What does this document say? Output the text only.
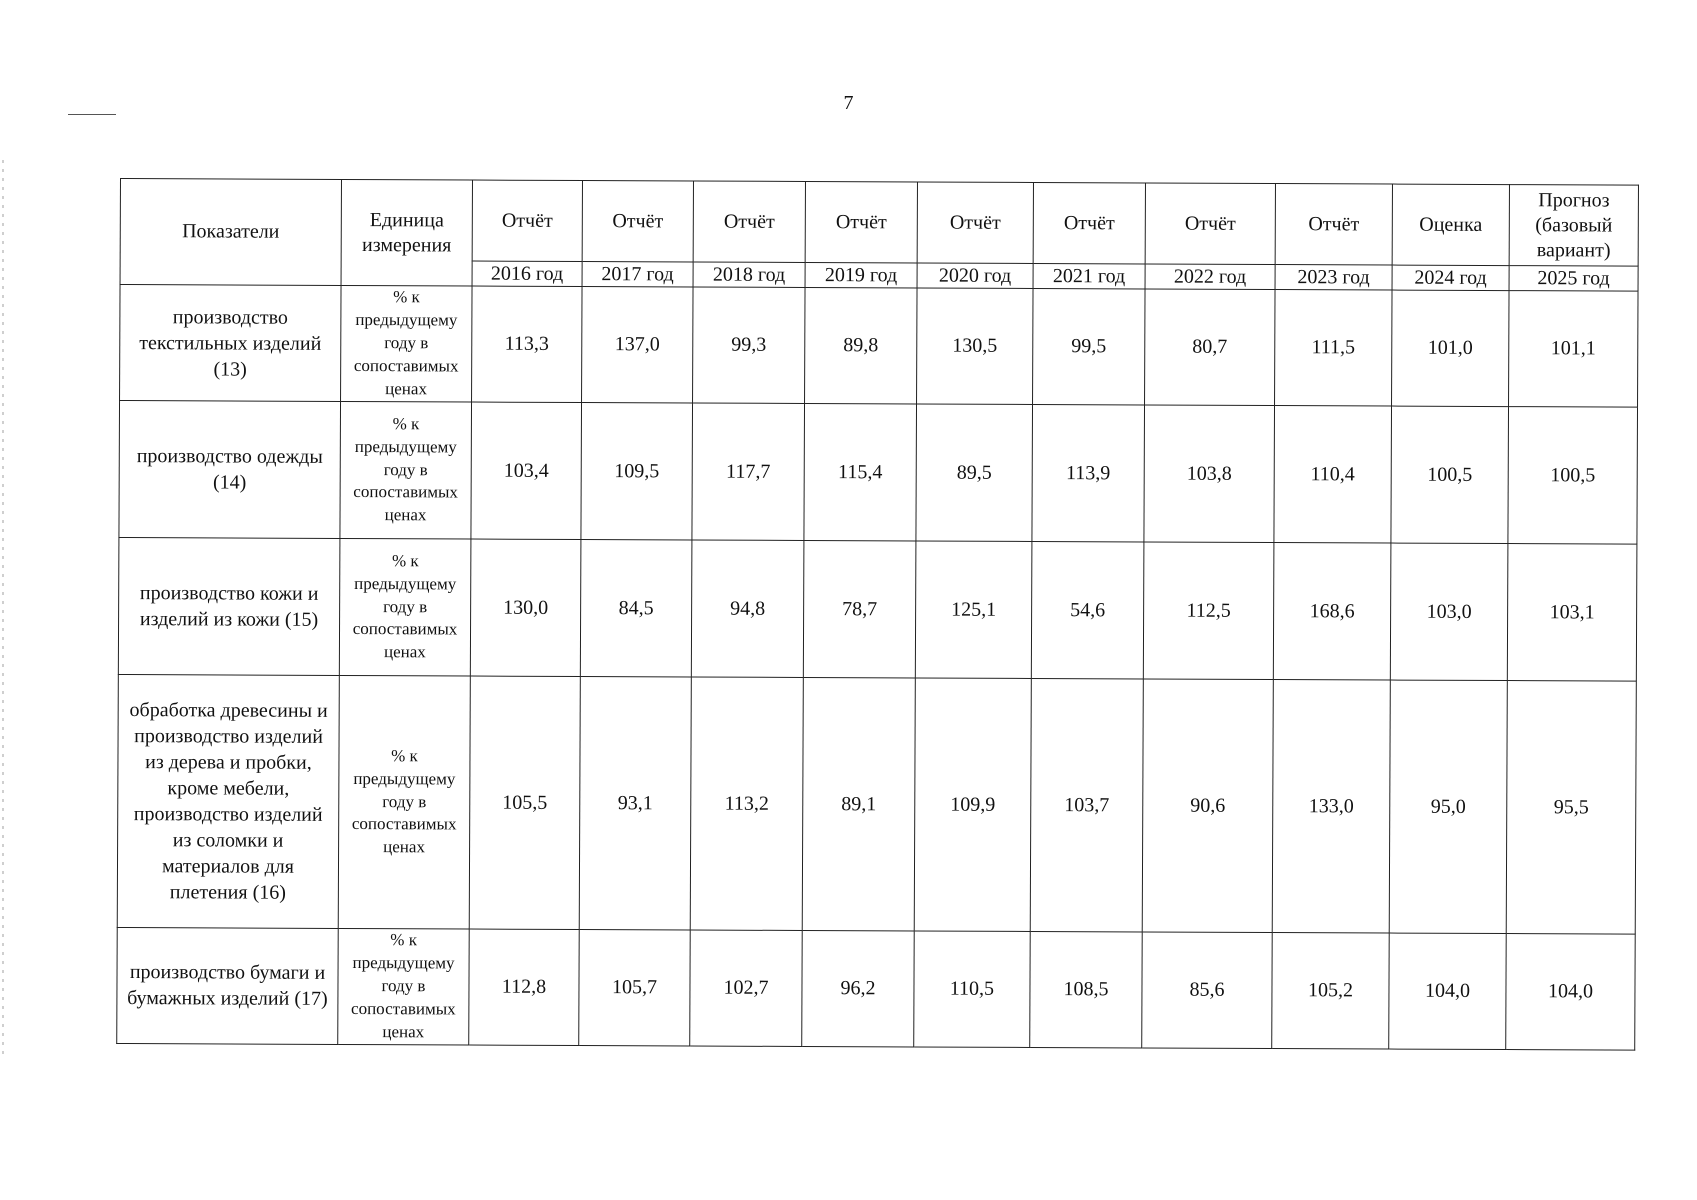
7
Показатели	Единица измерения	Отчёт	Отчёт	Отчёт	Отчёт	Отчёт	Отчёт	Отчёт	Отчёт	Оценка	Прогноз (базовый вариант)
		2016 год	2017 год	2018 год	2019 год	2020 год	2021 год	2022 год	2023 год	2024 год	2025 год
производство текстильных изделий (13)	% к предыдущему году в сопоставимых ценах	113,3	137,0	99,3	89,8	130,5	99,5	80,7	111,5	101,0	101,1
производство одежды (14)	% к предыдущему году в сопоставимых ценах	103,4	109,5	117,7	115,4	89,5	113,9	103,8	110,4	100,5	100,5
производство кожи и изделий из кожи (15)	% к предыдущему году в сопоставимых ценах	130,0	84,5	94,8	78,7	125,1	54,6	112,5	168,6	103,0	103,1
обработка древесины и производство изделий из дерева и пробки, кроме мебели, производство изделий из соломки и материалов для плетения (16)	% к предыдущему году в сопоставимых ценах	105,5	93,1	113,2	89,1	109,9	103,7	90,6	133,0	95,0	95,5
производство бумаги и бумажных изделий (17)	% к предыдущему году в сопоставимых ценах	112,8	105,7	102,7	96,2	110,5	108,5	85,6	105,2	104,0	104,0
